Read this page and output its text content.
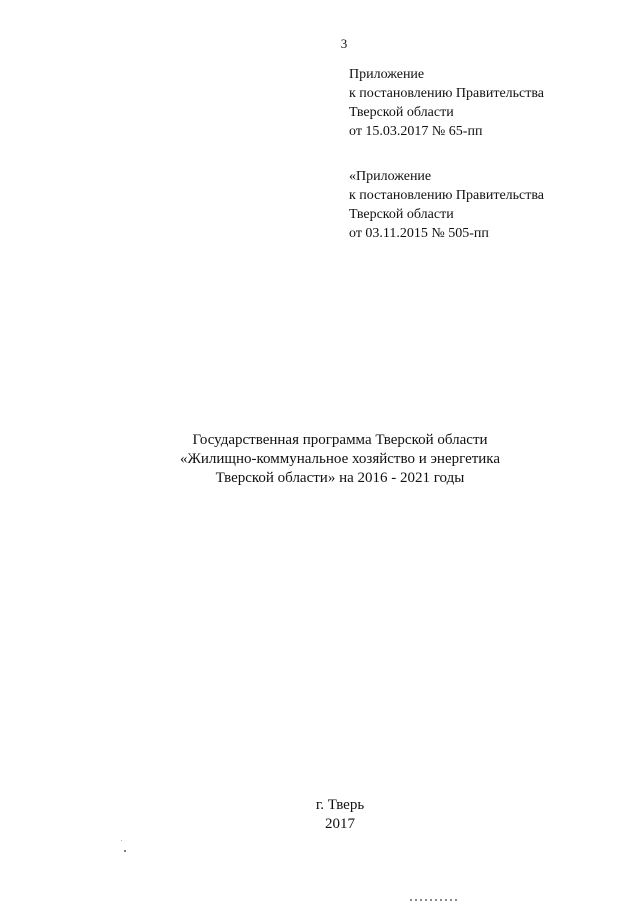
3
Приложение
к постановлению Правительства
Тверской области
от 15.03.2017 № 65-пп
«Приложение
к постановлению Правительства
Тверской области
от 03.11.2015 № 505-пп
Государственная программа Тверской области
«Жилищно-коммунальное хозяйство и энергетика
Тверской области» на 2016 - 2021 годы
г. Тверь
2017
